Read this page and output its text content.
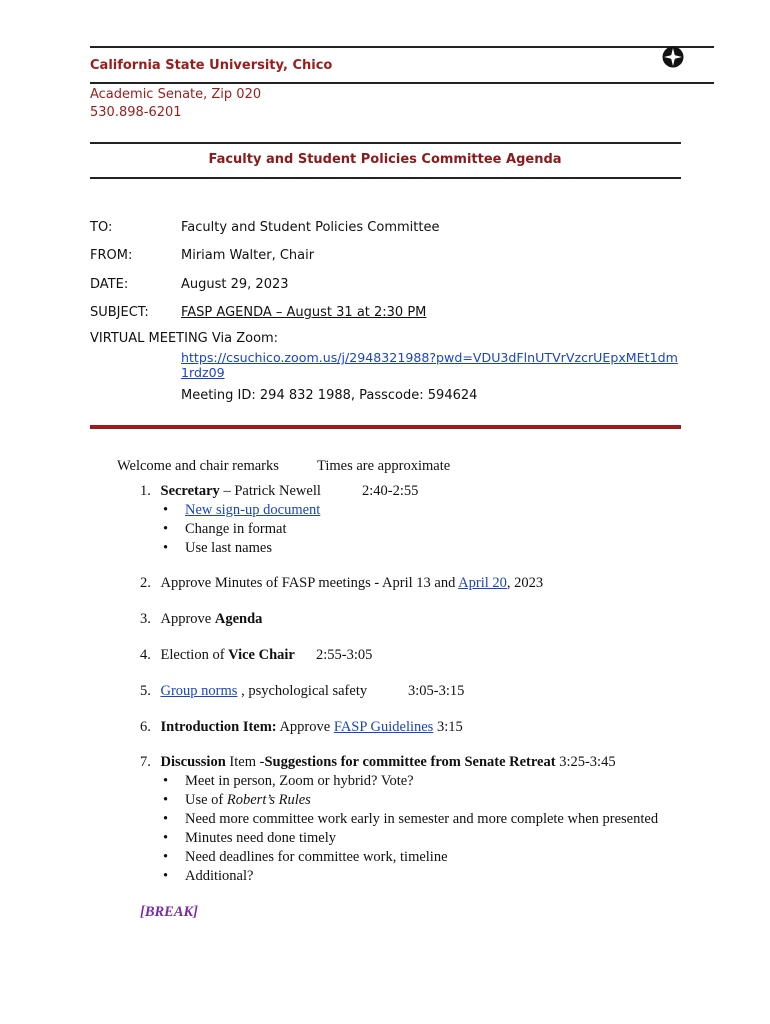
California State University, Chico
Academic Senate, Zip 020
530.898-6201
Faculty and Student Policies Committee Agenda
TO:	Faculty and Student Policies Committee
FROM:	Miriam Walter, Chair
DATE:	August 29, 2023
SUBJECT: FASP AGENDA – August 31 at 2:30 PM
VIRTUAL MEETING Via Zoom:
https://csuchico.zoom.us/j/2948321988?pwd=VDU3dFlnUTVrVzcrUEpxMEt1dm
1rdz09
Meeting ID: 294 832 1988, Passcode: 594624
Welcome and chair remarks	Times are approximate
1. Secretary – Patrick Newell	2:40-2:55
• New sign-up document
• Change in format
• Use last names
2. Approve Minutes of FASP meetings - April 13 and April 20, 2023
3. Approve Agenda
4. Election of Vice Chair 2:55-3:05
5. Group norms , psychological safety	3:05-3:15
6. Introduction Item: Approve FASP Guidelines 3:15
7. Discussion Item -Suggestions for committee from Senate Retreat 3:25-3:45
• Meet in person, Zoom or hybrid? Vote?
• Use of Robert’s Rules
• Need more committee work early in semester and more complete when presented
• Minutes need done timely
• Need deadlines for committee work, timeline
• Additional?
[BREAK]
